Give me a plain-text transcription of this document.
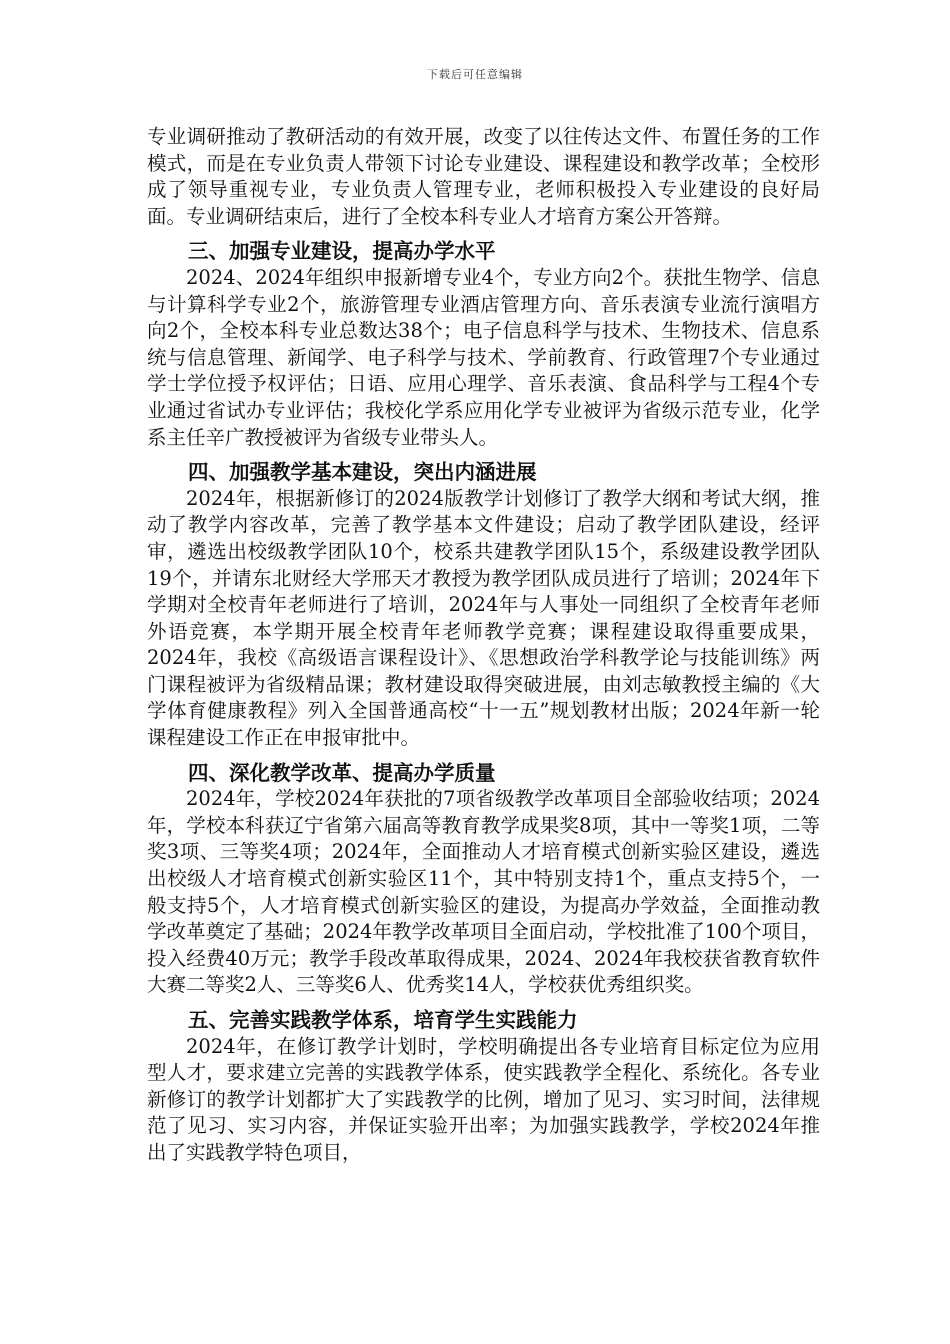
下载后可任意编辑

专业调研推动了教研活动的有效开展，改变了以往传达文件、布置任务的工作模式，而是在专业负责人带领下讨论专业建设、课程建设和教学改革；全校形成了领导重视专业，专业负责人管理专业，老师积极投入专业建设的良好局面。专业调研结束后，进行了全校本科专业人才培育方案公开答辩。

三、加强专业建设，提高办学水平

2024、2024年组织申报新增专业4个，专业方向2个。获批生物学、信息与计算科学专业2个，旅游管理专业酒店管理方向、音乐表演专业流行演唱方向2个，全校本科专业总数达38个；电子信息科学与技术、生物技术、信息系统与信息管理、新闻学、电子科学与技术、学前教育、行政管理7个专业通过学士学位授予权评估；日语、应用心理学、音乐表演、食品科学与工程4个专业通过省试办专业评估；我校化学系应用化学专业被评为省级示范专业，化学系主任辛广教授被评为省级专业带头人。

四、加强教学基本建设，突出内涵进展

2024年，根据新修订的2024版教学计划修订了教学大纲和考试大纲，推动了教学内容改革，完善了教学基本文件建设；启动了教学团队建设，经评审，遴选出校级教学团队10个，校系共建教学团队15个，系级建设教学团队19个，并请东北财经大学邢天才教授为教学团队成员进行了培训；2024年下学期对全校青年老师进行了培训，2024年与人事处一同组织了全校青年老师外语竞赛，本学期开展全校青年老师教学竞赛；课程建设取得重要成果，2024年，我校《高级语言课程设计》、《思想政治学科教学论与技能训练》两门课程被评为省级精品课；教材建设取得突破进展，由刘志敏教授主编的《大学体育健康教程》列入全国普通高校“十一五”规划教材出版；2024年新一轮课程建设工作正在申报审批中。

四、深化教学改革、提高办学质量

2024年，学校2024年获批的7项省级教学改革项目全部验收结项；2024年，学校本科获辽宁省第六届高等教育教学成果奖8项，其中一等奖1项，二等奖3项、三等奖4项；2024年，全面推动人才培育模式创新实验区建设，遴选出校级人才培育模式创新实验区11个，其中特别支持1个，重点支持5个，一般支持5个，人才培育模式创新实验区的建设，为提高办学效益，全面推动教学改革奠定了基础；2024年教学改革项目全面启动，学校批准了100个项目，投入经费40万元；教学手段改革取得成果，2024、2024年我校获省教育软件大赛二等奖2人、三等奖6人、优秀奖14人，学校获优秀组织奖。

五、完善实践教学体系，培育学生实践能力

2024年，在修订教学计划时，学校明确提出各专业培育目标定位为应用型人才，要求建立完善的实践教学体系，使实践教学全程化、系统化。各专业新修订的教学计划都扩大了实践教学的比例，增加了见习、实习时间，法律规范了见习、实习内容，并保证实验开出率；为加强实践教学，学校2024年推出了实践教学特色项目，
